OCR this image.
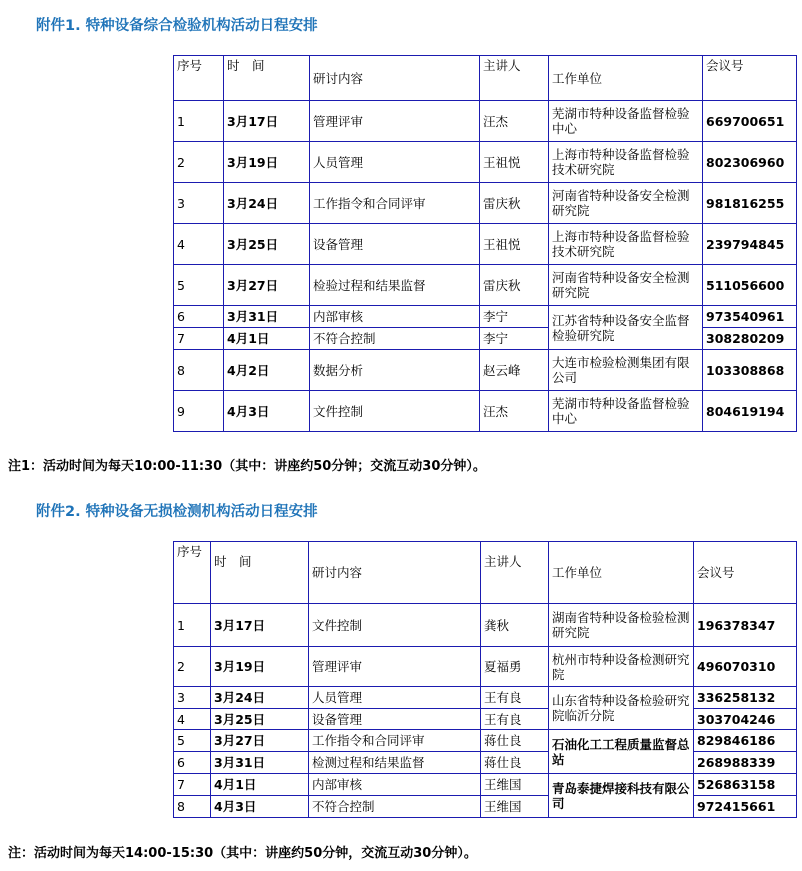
附件1. 特种设备综合检验机构活动日程安排
序号	时　间	研讨内容	主讲人	工作单位	会议号
1	3月17日	管理评审	汪杰	芜湖市特种设备监督检验中心	669700651
2	3月19日	人员管理	王祖悦	上海市特种设备监督检验技术研究院	802306960
3	3月24日	工作指令和合同评审	雷庆秋	河南省特种设备安全检测研究院	981816255
4	3月25日	设备管理	王祖悦	上海市特种设备监督检验技术研究院	239794845
5	3月27日	检验过程和结果监督	雷庆秋	河南省特种设备安全检测研究院	511056600
6	3月31日	内部审核	李宁	江苏省特种设备安全监督检验研究院	973540961
7	4月1日	不符合控制	李宁		308280209
8	4月2日	数据分析	赵云峰	大连市检验检测集团有限公司	103308868
9	4月3日	文件控制	汪杰	芜湖市特种设备监督检验中心	804619194
注1：活动时间为每天10:00-11:30（其中：讲座约50分钟；交流互动30分钟）。
附件2. 特种设备无损检测机构活动日程安排
序号	时　间	研讨内容	主讲人	工作单位	会议号
1	3月17日	文件控制	龚秋	湖南省特种设备检验检测研究院	196378347
2	3月19日	管理评审	夏福勇	杭州市特种设备检测研究院	496070310
3	3月24日	人员管理	王有良	山东省特种设备检验研究院临沂分院	336258132
4	3月25日	设备管理	王有良		303704246
5	3月27日	工作指令和合同评审	蒋仕良	石油化工工程质量监督总站	829846186
6	3月31日	检测过程和结果监督	蒋仕良		268988339
7	4月1日	内部审核	王维国	青岛泰捷焊接科技有限公司	526863158
8	4月3日	不符合控制	王维国		972415661
注：活动时间为每天14:00-15:30（其中：讲座约50分钟，交流互动30分钟）。
